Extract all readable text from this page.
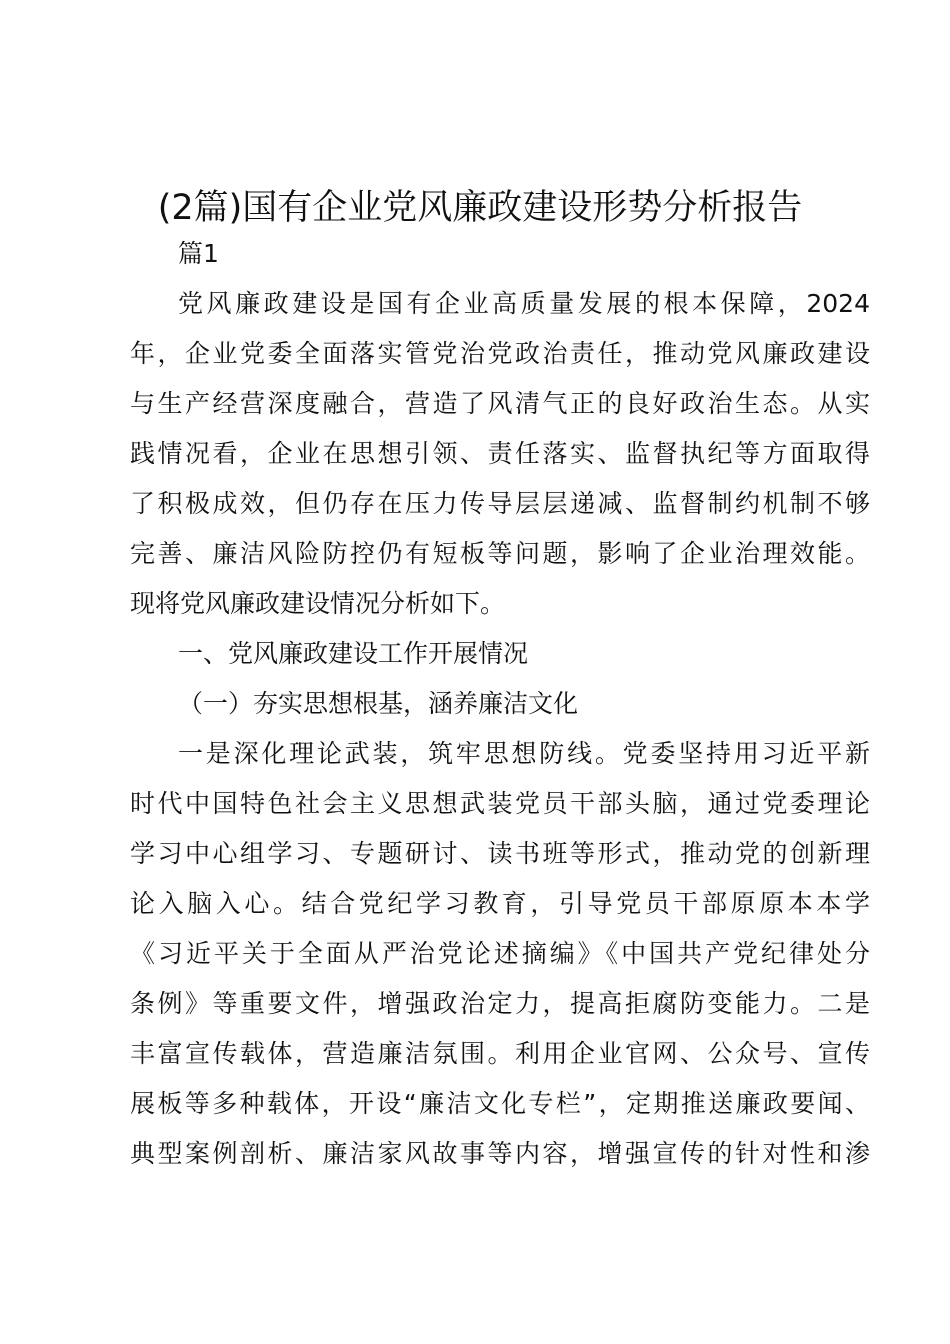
(2篇)国有企业党风廉政建设形势分析报告
篇1
党风廉政建设是国有企业高质量发展的根本保障，2024
年，企业党委全面落实管党治党政治责任，推动党风廉政建设
与生产经营深度融合，营造了风清气正的良好政治生态。从实
践情况看，企业在思想引领、责任落实、监督执纪等方面取得
了积极成效，但仍存在压力传导层层递减、监督制约机制不够
完善、廉洁风险防控仍有短板等问题，影响了企业治理效能。
现将党风廉政建设情况分析如下。
一、党风廉政建设工作开展情况
（一）夯实思想根基，涵养廉洁文化
一是深化理论武装，筑牢思想防线。党委坚持用习近平新
时代中国特色社会主义思想武装党员干部头脑，通过党委理论
学习中心组学习、专题研讨、读书班等形式，推动党的创新理
论入脑入心。结合党纪学习教育，引导党员干部原原本本学
《习近平关于全面从严治党论述摘编》《中国共产党纪律处分
条例》等重要文件，增强政治定力，提高拒腐防变能力。二是
丰富宣传载体，营造廉洁氛围。利用企业官网、公众号、宣传
展板等多种载体，开设“廉洁文化专栏”，定期推送廉政要闻、
典型案例剖析、廉洁家风故事等内容，增强宣传的针对性和渗
